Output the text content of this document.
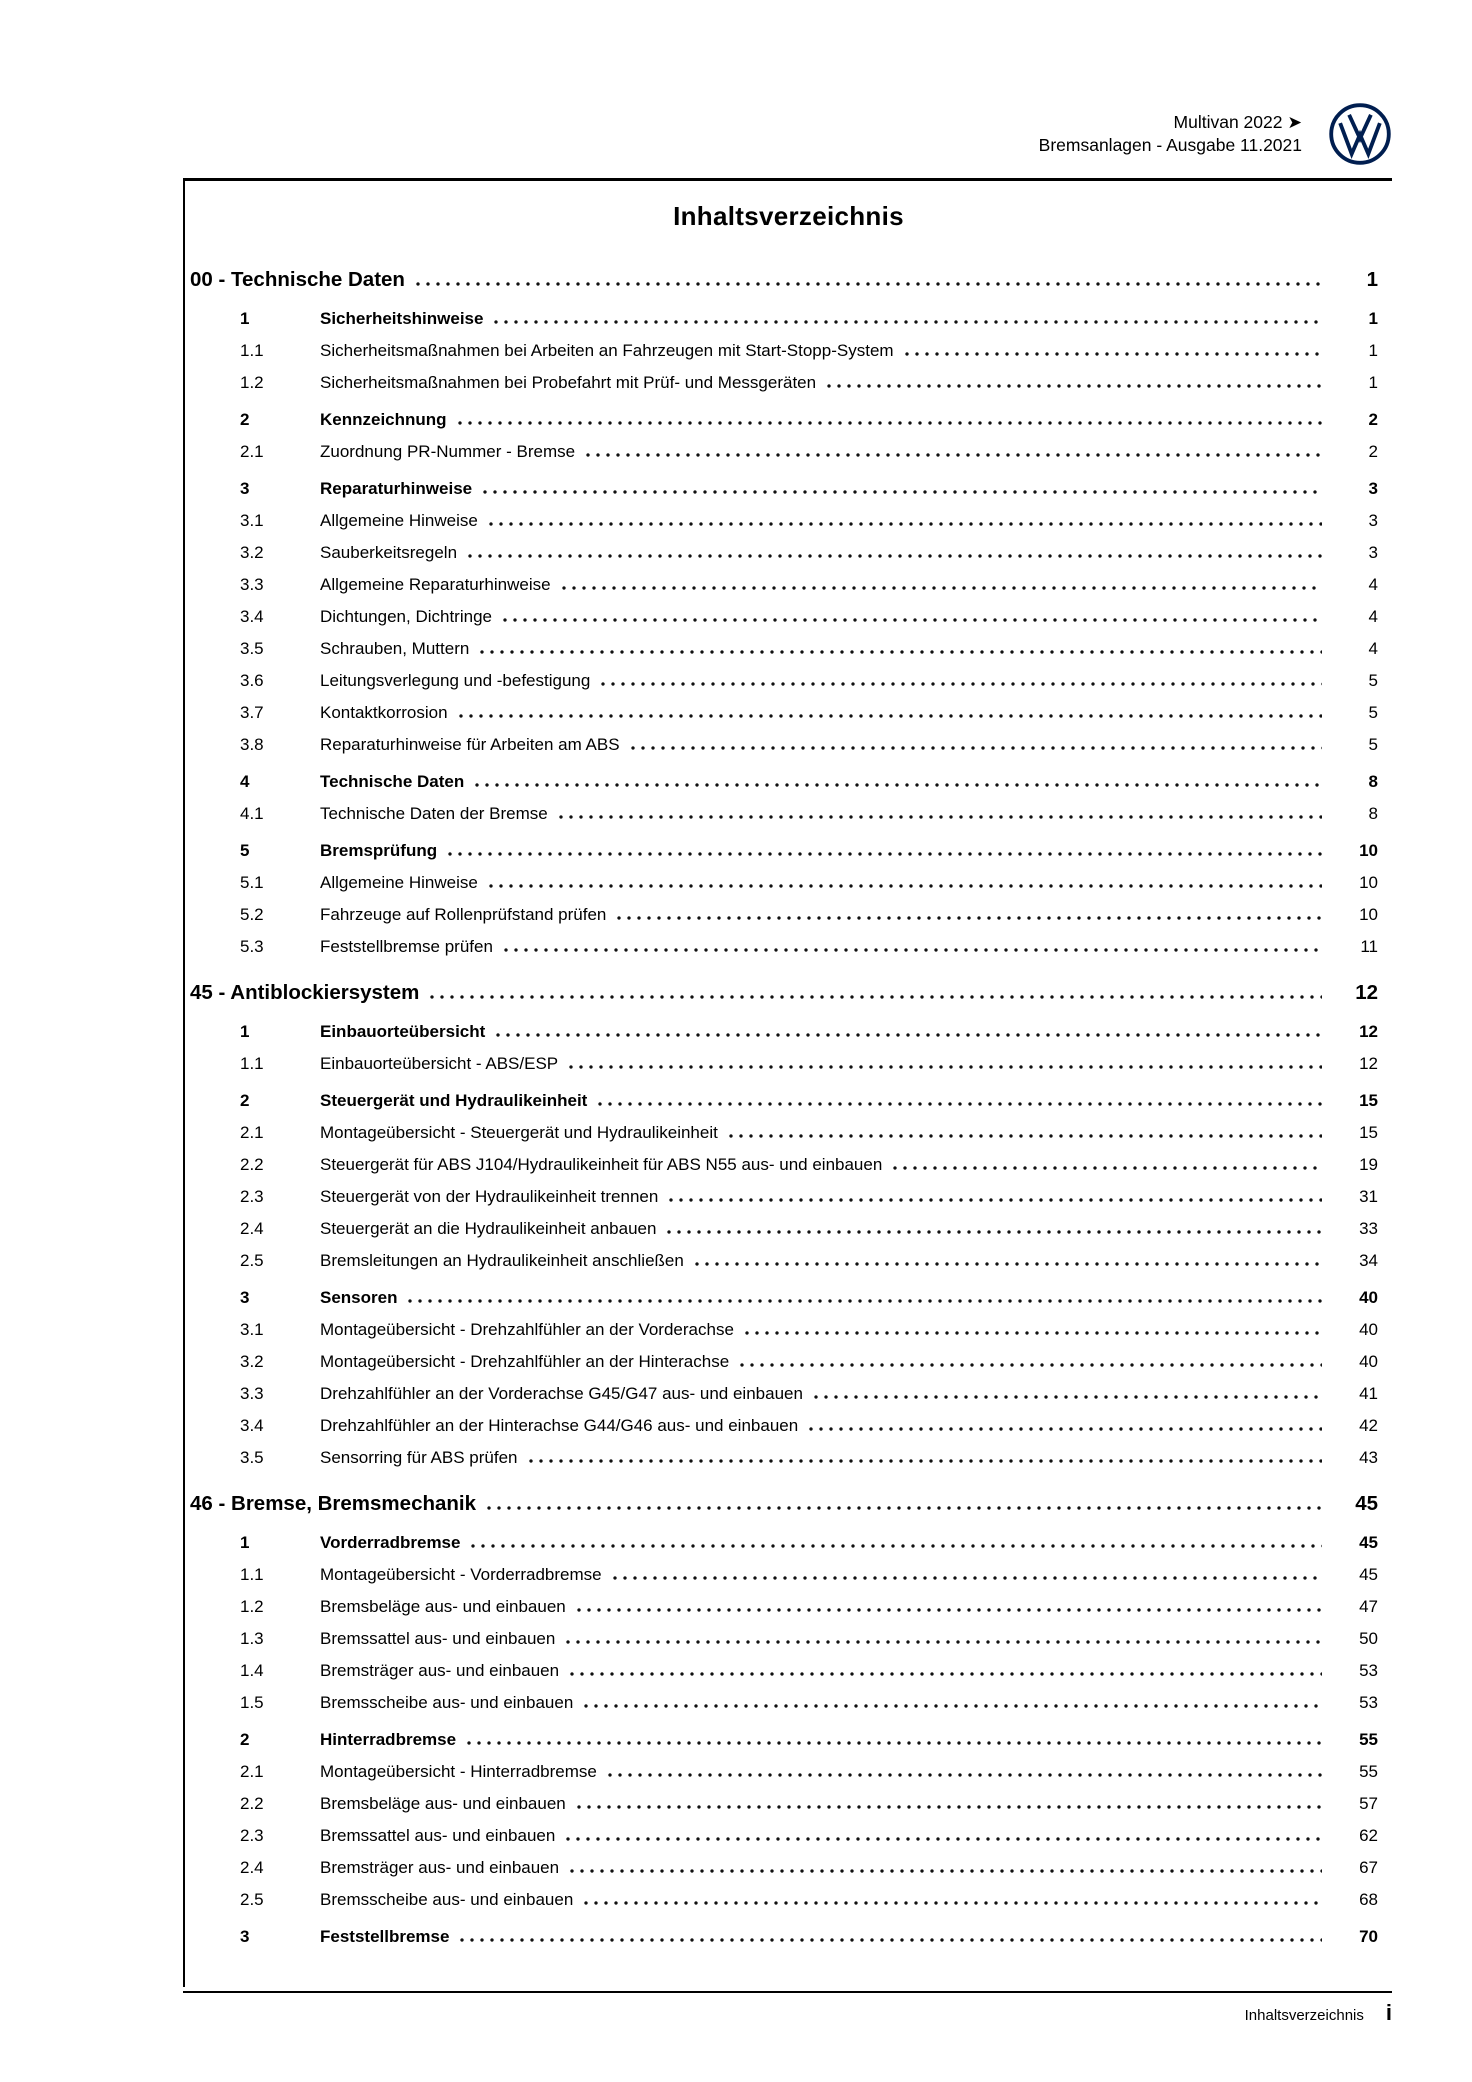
Multivan 2022 ➤
Bremsanlagen - Ausgabe 11.2021
Inhaltsverzeichnis
00 - Technische Daten	1
1	Sicherheitshinweise	1
1.1	Sicherheitsmaßnahmen bei Arbeiten an Fahrzeugen mit Start-Stopp-System	1
1.2	Sicherheitsmaßnahmen bei Probefahrt mit Prüf- und Messgeräten	1
2	Kennzeichnung	2
2.1	Zuordnung PR-Nummer - Bremse	2
3	Reparaturhinweise	3
3.1	Allgemeine Hinweise	3
3.2	Sauberkeitsregeln	3
3.3	Allgemeine Reparaturhinweise	4
3.4	Dichtungen, Dichtringe	4
3.5	Schrauben, Muttern	4
3.6	Leitungsverlegung und -befestigung	5
3.7	Kontaktkorrosion	5
3.8	Reparaturhinweise für Arbeiten am ABS	5
4	Technische Daten	8
4.1	Technische Daten der Bremse	8
5	Bremsprüfung	10
5.1	Allgemeine Hinweise	10
5.2	Fahrzeuge auf Rollenprüfstand prüfen	10
5.3	Feststellbremse prüfen	11
45 - Antiblockiersystem	12
1	Einbauorteübersicht	12
1.1	Einbauorteübersicht - ABS/ESP	12
2	Steuergerät und Hydraulikeinheit	15
2.1	Montageübersicht - Steuergerät und Hydraulikeinheit	15
2.2	Steuergerät für ABS J104/Hydraulikeinheit für ABS N55 aus- und einbauen	19
2.3	Steuergerät von der Hydraulikeinheit trennen	31
2.4	Steuergerät an die Hydraulikeinheit anbauen	33
2.5	Bremsleitungen an Hydraulikeinheit anschließen	34
3	Sensoren	40
3.1	Montageübersicht - Drehzahlfühler an der Vorderachse	40
3.2	Montageübersicht - Drehzahlfühler an der Hinterachse	40
3.3	Drehzahlfühler an der Vorderachse G45/G47 aus- und einbauen	41
3.4	Drehzahlfühler an der Hinterachse G44/G46 aus- und einbauen	42
3.5	Sensorring für ABS prüfen	43
46 - Bremse, Bremsmechanik	45
1	Vorderradbremse	45
1.1	Montageübersicht - Vorderradbremse	45
1.2	Bremsbeläge aus- und einbauen	47
1.3	Bremssattel aus- und einbauen	50
1.4	Bremsträger aus- und einbauen	53
1.5	Bremsscheibe aus- und einbauen	53
2	Hinterradbremse	55
2.1	Montageübersicht - Hinterradbremse	55
2.2	Bremsbeläge aus- und einbauen	57
2.3	Bremssattel aus- und einbauen	62
2.4	Bremsträger aus- und einbauen	67
2.5	Bremsscheibe aus- und einbauen	68
3	Feststellbremse	70
Inhaltsverzeichnis i
